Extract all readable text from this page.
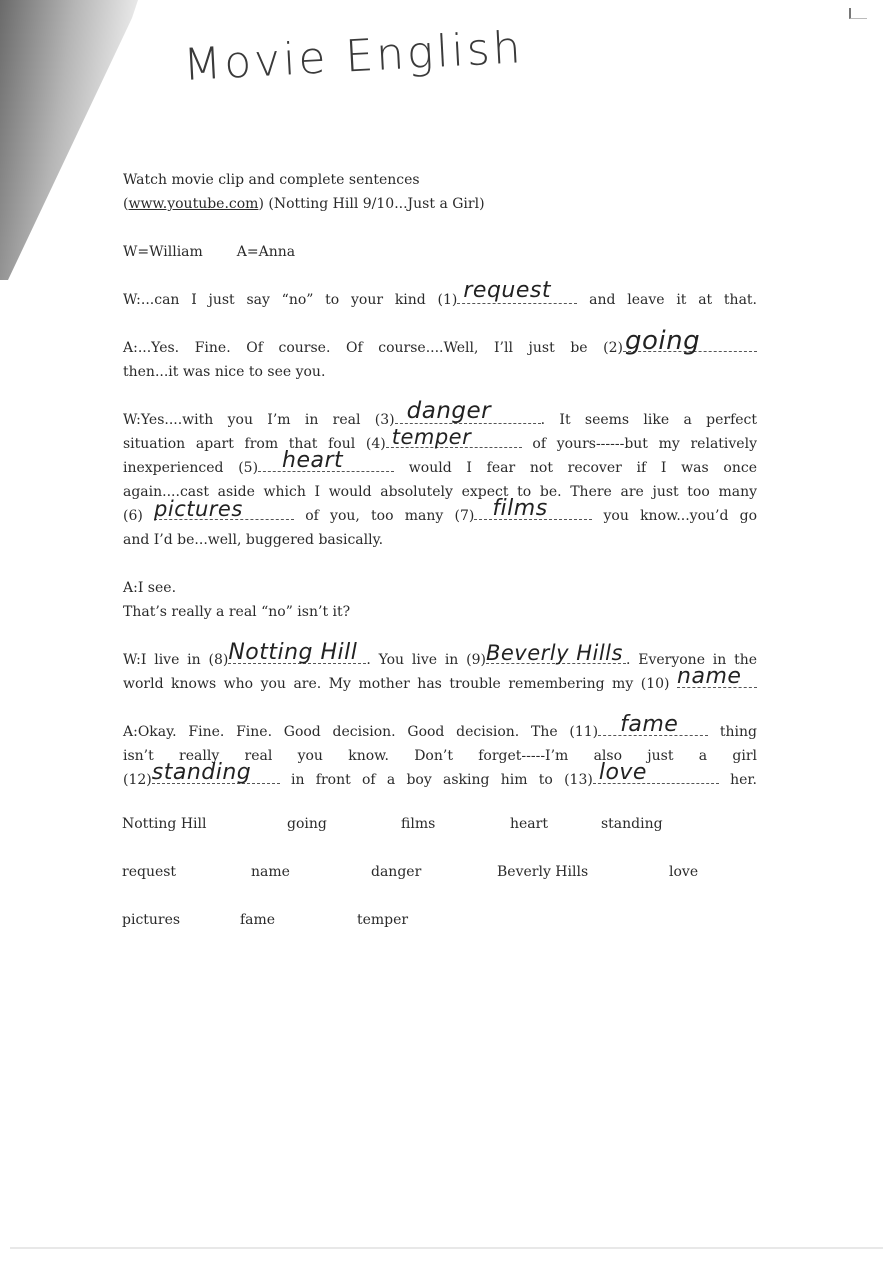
Movie English
Watch movie clip and complete sentences
(www.youtube.com) (Notting Hill 9/10...Just a Girl)
W=William A=Anna
W:...can I just say “no” to your kind (1) request	and leave it at that.
A:...Yes. Fine. Of course. Of course....Well, I’ll just be (2) going
then...it was nice to see you.
W:Yes....with you I’m in real (3) danger	. It seems like a perfect
situation apart from that foul (4) temper	of yours------but my relatively
inexperienced (5) heart	would I fear not recover if I was once
again....cast aside which I would absolutely expect to be. There are just too many
(6) pictures	of you, too many (7) films	you know...you’d go
and I’d be...well, buggered basically.
A:I see.
That’s really a real “no” isn’t it?
W:I live in (8) Notting Hill . You live in (9) Beverly Hills . Everyone in the
world knows who you are. My mother has trouble remembering my (10) name
A:Okay. Fine. Fine. Good decision. Good decision. The (11) fame	thing
isn’t really real you know. Don’t forget-----I’m also just a girl
(12) standing	in front of a boy asking him to (13) love	her.
Notting Hill	going	films	heart	standing
request	name	danger	Beverly Hills	love
pictures	fame	temper
